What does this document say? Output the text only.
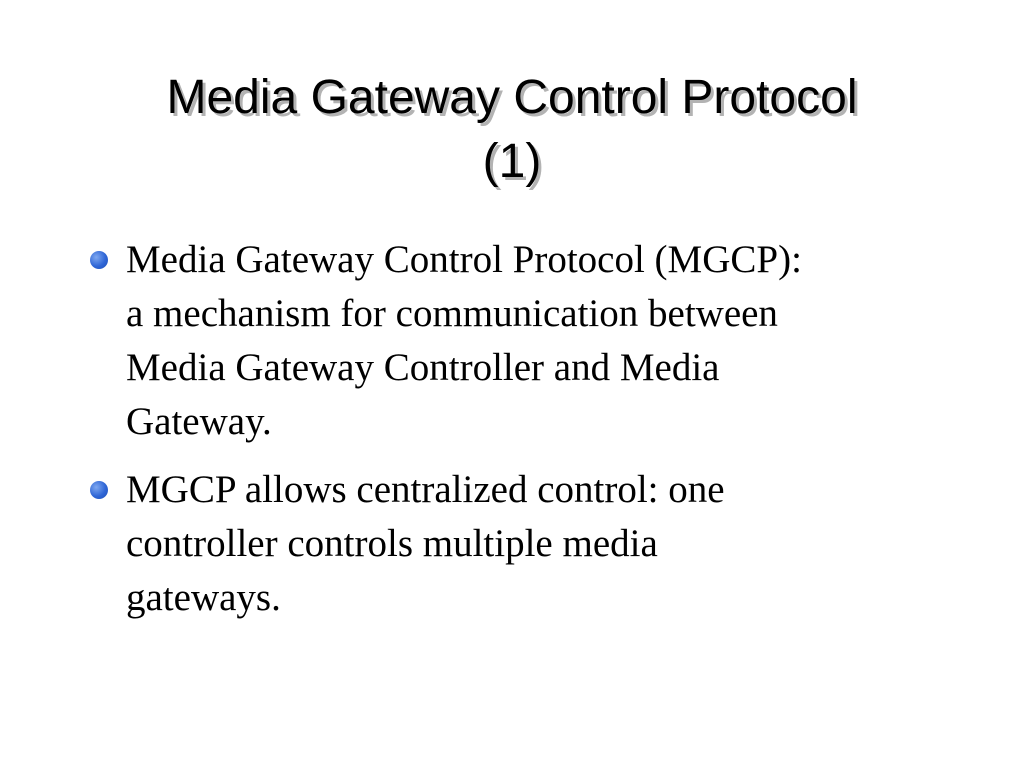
Media Gateway Control Protocol
(1)
Media Gateway Control Protocol (MGCP):
a mechanism for communication between
Media Gateway Controller and Media
Gateway.
MGCP allows centralized control: one
controller controls multiple media
gateways.
